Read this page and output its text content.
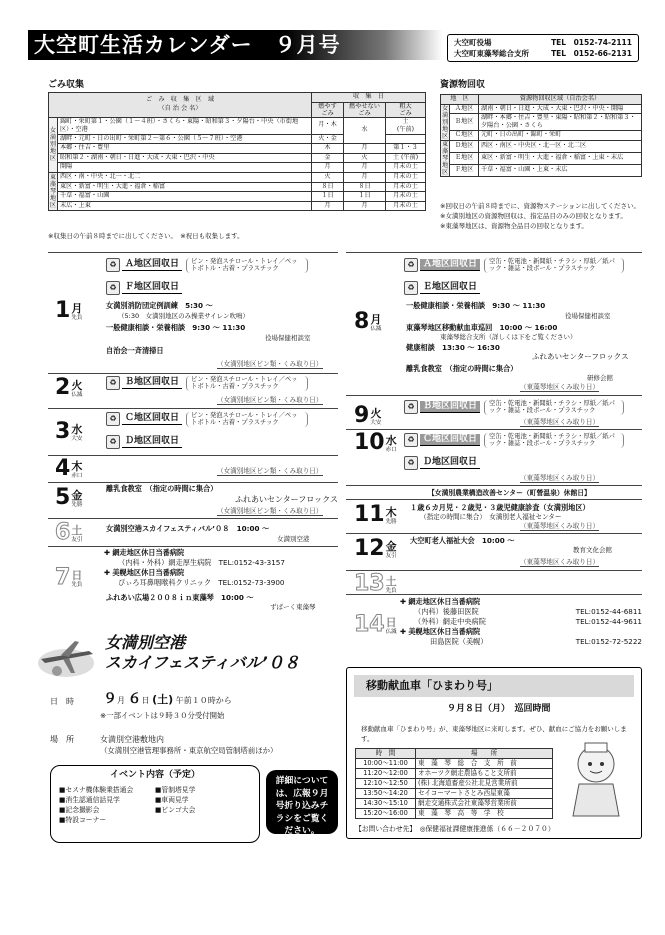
大空町生活カレンダー　９月号	大空町役場	TEL　0152-74-2111
大空町東藻琴総合支所	TEL　0152-66-2131
ごみ収集
ご　み　収　集　区　域
（自 治 会 名）		収　集　日		
		燃やす
ごみ	燃やせない
ごみ	粗大
ごみ
女満別地区	錦町・栄町第１・公園（１～４班）・さくら・東陽・昭和第３・夕陽台・中央（市街地区）・空港	月・木	水	土
(午前)
	湖畔・元町・日の出町・栄町第２～第６・公園（５～７班）・空港	火・金		
	本郷・住吉・豊里	木	月	第１・３
	昭和第２・湖南・朝日・日進・大成・大東・巴沢・中央	金	火	土 (午前)
	開陽	月	月	月末の土
東藻琴地区	西区・南・中央・北一・北二	火	月	月末の土
	東区・新富・明生・大進・福倉・稲富	８日	８日	月末の土
	千草・福富・山園	１日	１日	月末の土
	末広・上東	月	月	月末の土
※収集日の午前８時までに出してください。　※祝日も収集します。
資源物回収
地　区		資源物回収区域（自治会名）
女満別地区	Ａ地区	湖南・朝日・日進・大成・大東・巴沢・中央・開陽
	Ｂ地区	湖畔・本郷・住吉・豊里・東陽・昭和第２・昭和第３・夕陽台・公園・さくら
	Ｃ地区	元町・日の出町・錦町・栄町
東藻琴地区	Ｄ地区	西区・南区・中央区・北一区・北二区
	Ｅ地区	東区・新富・明生・大進・福倉・稲富・上東・末広
	Ｆ地区	千草・福富・山園・上東・末広
※回収日の午前８時までに、資源物ステーションに出してください。
※女満別地区の資源物回収は、指定品目のみの回収となります。
※東藻琴地区は、資源物全品目の回収となります。
1 月
先負
♻ Ａ地区回収日	ビン・発泡スチロール・トレイ／ペットボトル・古着・プラスチック
♻ Ｆ地区回収日
女満別消防団定例訓練　5:30 ～
（5:30　女満別地区のみ操業サイレン吹鳴）
一般健康相談・栄養相談　9:30 ～ 11:30
役場保健相談室
自治会一斉清掃日
（女満別地区ビン類・くみ取り日）
2 火
仏滅
♻ Ｂ地区回収日	ビン・発泡スチロール・トレイ／ペットボトル・古着・プラスチック
（女満別地区ビン類・くみ取り日）
3 水
大安
♻ Ｃ地区回収日	ビン・発泡スチロール・トレイ／ペットボトル・古着・プラスチック
♻ Ｄ地区回収日
4 木
赤口
（女満別地区ビン類・くみ取り日）
5 金
先勝
離乳食教室　（指定の時間に集合）
ふれあいセンターフロックス
（女満別地区ビン類・くみ取り日）
6 土
友引
女満別空港スカイフェスティバル’０８　10:00 ～
女満別空港
7 日
先負
✚ 網走地区休日当番病院
（内科・外科）網走厚生病院　 TEL:0152-43-3157
✚ 美幌地区休日当番病院
ぴぃろ耳鼻咽喉科クリニック　 TEL:0152-73-3900
ふれあい広場２００８ｉｎ東藻琴　10:00 ～
ずばーく東藻琴
8 月
仏滅
♻ Ａ地区回収日	空缶・乾電池・新聞紙・チラシ・厚紙／紙パック・雑誌・段ボール・プラスチック
♻ Ｅ地区回収日
一般健康相談・栄養相談　9:30 ～ 11:30
役場保健相談室
東藻琴地区移動献血車巡回　10:00 ～ 16:00
東藻琴総合支所（詳しくは下をご覧ください）
健康相談　13:30 ～ 16:30
ふれあいセンターフロックス
離乳食教室　（指定の時間に集合）
研修会館
（東藻琴地区くみ取り日）
9 火
大安
♻ Ｂ地区回収日	空缶・乾電池・新聞紙・チラシ・厚紙／紙パック・雑誌・段ボール・プラスチック
（東藻琴地区くみ取り日）
10 水
赤口
♻ Ｃ地区回収日	空缶・乾電池・新聞紙・チラシ・厚紙／紙パック・雑誌・段ボール・プラスチック
♻ Ｄ地区回収日
（東藻琴地区くみ取り日）
【女満別農業構造改善センター（町營温泉）休館日】
11 木
先勝
１歳６カ月児・２歳児・３歳児健康診査（女満別地区）
（指定の時間に集合）　女満別老人福祉センター
（東藻琴地区くみ取り日）
12 金
友引
大空町老人福祉大会　10:00 ～
教育文化会館
（東藻琴地区くみ取り日）
13 土
先負
14 日
仏滅
✚ 網走地区休日当番病院
（内科）後藤田医院	TEL:0152-44-6811
（外科）網走中央病院	TEL:0152-44-9611
✚ 美幌地区休日当番病院
田島医院（美幌）	TEL:0152-72-5222
女満別空港
スカイフェスティバル’０８
日　時 ９月 ６日 (土) 午前１０時から
※一部イベントは９時３０分受付開始
場　所	女満別空港敷地内
（女満別空港管理事務所・東京航空局管制塔前ほか）
イベント内容（予定）
■セスナ機体験乗搭通会	■管制塔見学
■消生認通信話見学	■車両見学
■記念撮影会	■ビンゴ大会
■特設コーナー
詳細については、広報９月号折り込みチラシをご覧ください。
移動献血車「ひまわり号」
９月８日（月）　巡回時間
移動献血車「ひまわり号」が、東藻琴地区に来町します。ぜひ、献血にご協力をお願いします。
時　間	場　　所
10:00～11:00	東　藻　琴　総　合　支　所　前
11:20～12:00	オホーツク網走農協もこと支所前
12:10～12:50	(株) 北海道畜産公社北見営業所前
13:50～14:20	セイコーマートさとみ西屋東藻
14:30～15:10	網走交通株式会社東藻琴営業所前
15:20～16:00	東　藻　琴　高　等　学　校
【お問い合わせ先】　◎保健福祉課健康推進係（６６－２０７０）
